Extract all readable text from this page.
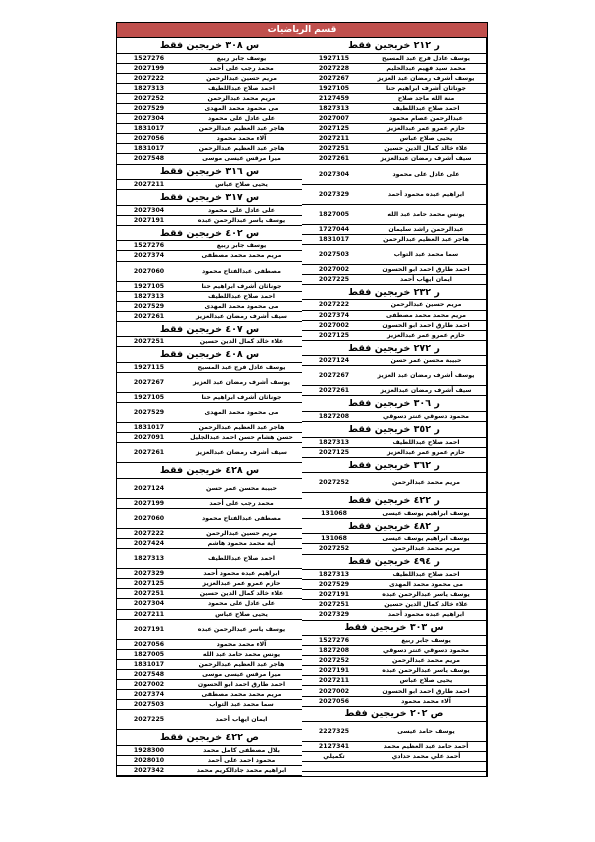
قسم الرياضيات
س ٣٠٨ خريجين فقط
1527276	يوسف جابر ربيع
2027199	محمد رجب على أحمد
2027222	مريم حسين عبدالرحمن
1827313	احمد صلاح عبداللطيف
2027252	مريم محمد عبدالرحمن
2027529	مى محمود محمد المهدى
2027304	على عادل على محمود
1831017	هاجر عبد العظيم عبدالرحمن
2027056	آلاء محمد محمود
1831017	هاجر عبد العظيم عبدالرحمن
2027548	ميرا مرقس عيسى موسى
س ٣١٦ خريجين فقط
2027211	يحيى صلاح عباس
س ٣١٧ خريجين فقط
2027304	على عادل على محمود
2027191	يوسف ياسر عبدالرحمن عبده
س ٤٠٢ خريجين فقط
1527276	يوسف جابر ربيع
2027374	مريم محمد محمد مصطفى
2027060	مصطفى عبدالفتاح محمود
1927105	جوناثان أشرف ابراهيم حنا
1827313	احمد صلاح عبداللطيف
2027529	مى محمود محمد المهدى
2027261	سيف أشرف رمضان عبدالعزيز
س ٤٠٧ خريجين فقط
2027251	علاء خالد كمال الدين حسين
س ٤٠٨ خريجين فقط
1927115	يوسف عادل فرج عبد المسيح
2027267	يوسف أشرف رمضان عبد العزيز
1927105	جوناثان أشرف ابراهيم حنا
2027529	مى محمود محمد المهدى
1831017	هاجر عبد العظيم عبدالرحمن
2027091	حسن هشام حسن احمد عبدالجليل
2027261	سيف أشرف رمضان عبدالعزيز
س ٤٢٨ خريجين فقط
2027124	حبيبة محسن عمر حسن
2027199	محمد رجب على أحمد
2027060	مصطفى عبدالفتاح محمود
2027222	مريم حسين عبدالرحمن
2027424	آية محمد محمود هاشم
1827313	احمد صلاح عبداللطيف
2027329	ابراهيم عبده محمود أحمد
2027125	حازم عمرو عمر عبدالعزيز
2027251	علاء خالد كمال الدين حسين
2027304	على عادل على محمود
2027211	يحيى صلاح عباس
2027191	يوسف ياسر عبدالرحمن عبده
2027056	آلاء محمد محمود
1827005	يونس محمد حامد عبد الله
1831017	هاجر عبد العظيم عبدالرحمن
2027548	ميرا مرقس عيسى موسى
2027002	احمد طارق احمد ابو الحسون
2027374	مريم محمد محمد مصطفى
2027503	سما محمد عبد التواب
2027225	ايمان ايهاب أحمد
ص ٤٢٢ خريجين فقط
1928300	بلال مصطفى كامل محمد
2028010	محمود احمد على أحمد
2027342	ابراهيم محمد جادالكريم محمد
ر ٢١٢ خريجين فقط
1927115	يوسف عادل فرج عبد المسيح
2027228	محمد سيد فهيم عبدالحليم
2027267	يوسف أشرف رمضان عبد العزيز
1927105	جوناثان أشرف ابراهيم حنا
2127459	منة الله ماجد صلاح
1827313	احمد صلاح عبداللطيف
2027007	عبدالرحمن عصام محمود
2027125	حازم عمرو عمر عبدالعزيز
2027211	يحيى صلاح عباس
2027251	علاء خالد كمال الدين حسين
2027261	سيف أشرف رمضان عبدالعزيز
2027304	على عادل على محمود
2027329	ابراهيم عبده محمود أحمد
1827005	يونس محمد حامد عبد الله
1727044	عبدالرحمن راشد سليمان
1831017	هاجر عبد العظيم عبدالرحمن
2027503	سما محمد عبد التواب
2027002	احمد طارق احمد ابو الحسون
2027225	ايمان ايهاب أحمد
ر ٢٣٢ خريجين فقط
2027222	مريم حسين عبدالرحمن
2027374	مريم محمد محمد مصطفى
2027002	احمد طارق احمد ابو الحسون
2027125	حازم عمرو عمر عبدالعزيز
ر ٢٧٢ خريجين فقط
2027124	حبيبة محسن عمر حسن
2027267	يوسف أشرف رمضان عبد العزيز
2027261	سيف أشرف رمضان عبدالعزيز
ر ٣٠٦ خريجين فقط
1827208	محمود دسوقي عنتر دسوقي
ر ٣٥٢ خريجين فقط
1827313	احمد صلاح عبداللطيف
2027125	حازم عمرو عمر عبدالعزيز
ر ٣٦٢ خريجين فقط
2027252	مريم محمد عبدالرحمن
ر ٤٢٢ خريجين فقط
131068	يوسف ابراهيم يوسف عيسى
ر ٤٨٢ خريجين فقط
131068	يوسف ابراهيم يوسف عيسى
2027252	مريم محمد عبدالرحمن
ر ٤٩٤ خريجين فقط
1827313	احمد صلاح عبداللطيف
2027529	مى محمود محمد المهدى
2027191	يوسف ياسر عبدالرحمن عبده
2027251	علاء خالد كمال الدين حسين
2027329	ابراهيم عبده محمود أحمد
س ٣٠٣ خريجين فقط
1527276	يوسف جابر ربيع
1827208	محمود دسوقي عنتر دسوقي
2027252	مريم محمد عبدالرحمن
2027191	يوسف ياسر عبدالرحمن عبده
2027211	يحيى صلاح عباس
2027002	احمد طارق احمد ابو الحسون
2027056	آلاء محمد محمود
ص ٢٠٢ خريجين فقط
2227325	يوسف حامد عيسى
2127341	أحمد حامد عبد العظيم محمد
تكميلي	أحمد علي محمد حدادي
